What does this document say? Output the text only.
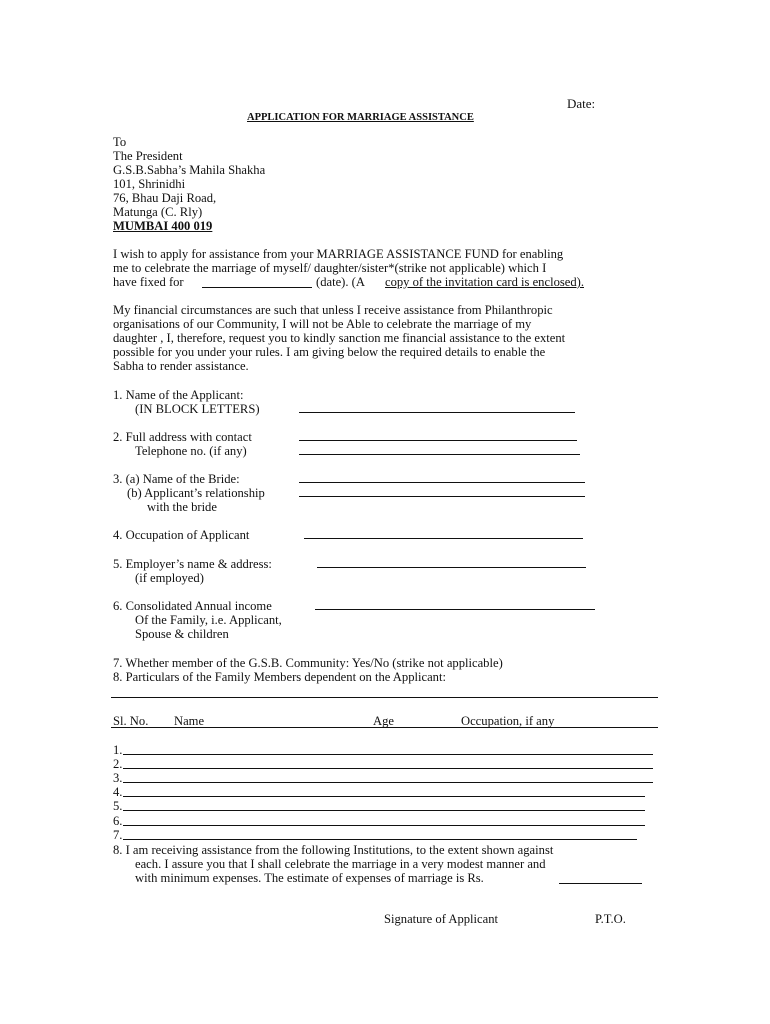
Date:
APPLICATION FOR MARRIAGE ASSISTANCE
To
The President
G.S.B.Sabha’s Mahila Shakha
101, Shrinidhi
76, Bhau Daji Road,
Matunga (C. Rly)
MUMBAI 400 019
I wish to apply for assistance from your MARRIAGE ASSISTANCE FUND for enabling
me to celebrate the marriage of myself/ daughter/sister*(strike not applicable) which I
have fixed for	(date). (A copy of the invitation card is enclosed).
My financial circumstances are such that unless I receive assistance from Philanthropic
organisations of our Community, I will not be Able to celebrate the marriage of my
daughter , I, therefore, request you to kindly sanction me financial assistance to the extent
possible for you under your rules. I am giving below the required details to enable the
Sabha to render assistance.
1. Name of the Applicant:
(IN BLOCK LETTERS)
2. Full address with contact
Telephone no. (if any)
3. (a) Name of the Bride:
(b) Applicant’s relationship
with the bride
4. Occupation of Applicant
5. Employer’s name & address:
(if employed)
6. Consolidated Annual income
Of the Family, i.e. Applicant,
Spouse & children
7. Whether member of the G.S.B. Community: Yes/No (strike not applicable)
8. Particulars of the Family Members dependent on the Applicant:
Sl. No. Name	Age	Occupation, if any
1.
2.
3.
4.
5.
6.
7.
8. I am receiving assistance from the following Institutions, to the extent shown against
each. I assure you that I shall celebrate the marriage in a very modest manner and
with minimum expenses. The estimate of expenses of marriage is Rs.
Signature of Applicant	P.T.O.
